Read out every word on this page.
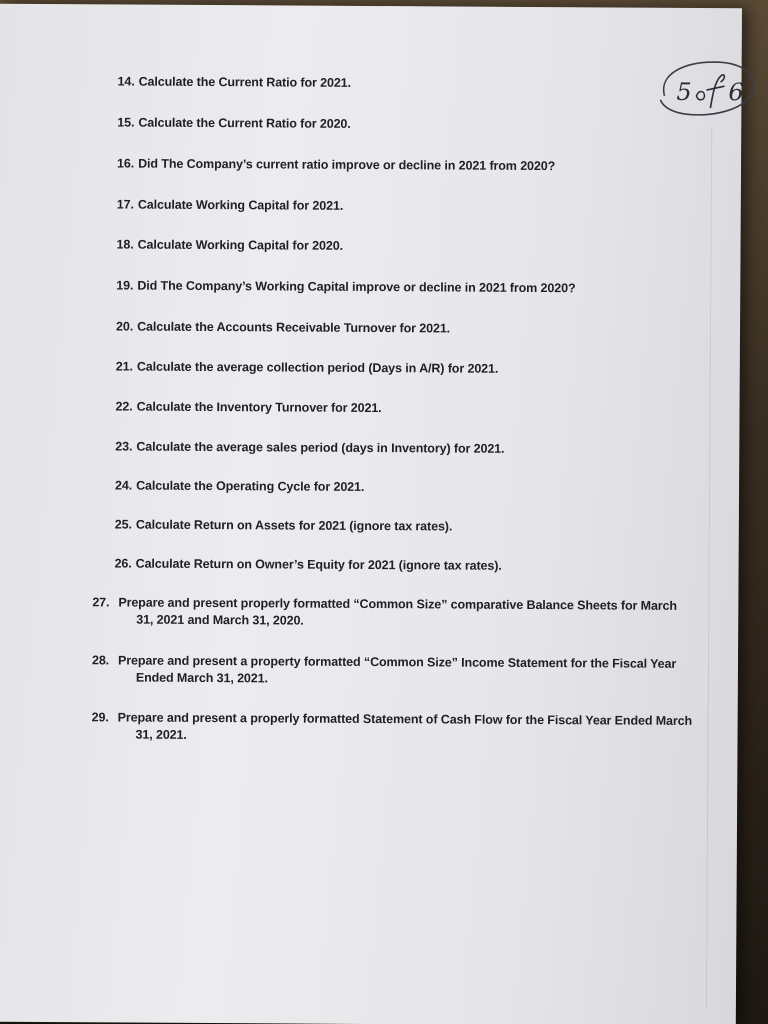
5 6
14. Calculate the Current Ratio for 2021.
15. Calculate the Current Ratio for 2020.
16. Did The Company’s current ratio improve or decline in 2021 from 2020?
17. Calculate Working Capital for 2021.
18. Calculate Working Capital for 2020.
19. Did The Company’s Working Capital improve or decline in 2021 from 2020?
20. Calculate the Accounts Receivable Turnover for 2021.
21. Calculate the average collection period (Days in A/R) for 2021.
22. Calculate the Inventory Turnover for 2021.
23. Calculate the average sales period (days in Inventory) for 2021.
24. Calculate the Operating Cycle for 2021.
25. Calculate Return on Assets for 2021 (ignore tax rates).
26. Calculate Return on Owner’s Equity for 2021 (ignore tax rates).
27. Prepare and present properly formatted “Common Size” comparative Balance Sheets for March 31, 2021 and March 31, 2020.
28. Prepare and present a property formatted “Common Size” Income Statement for the Fiscal Year Ended March 31, 2021.
29. Prepare and present a properly formatted Statement of Cash Flow for the Fiscal Year Ended March 31, 2021.
